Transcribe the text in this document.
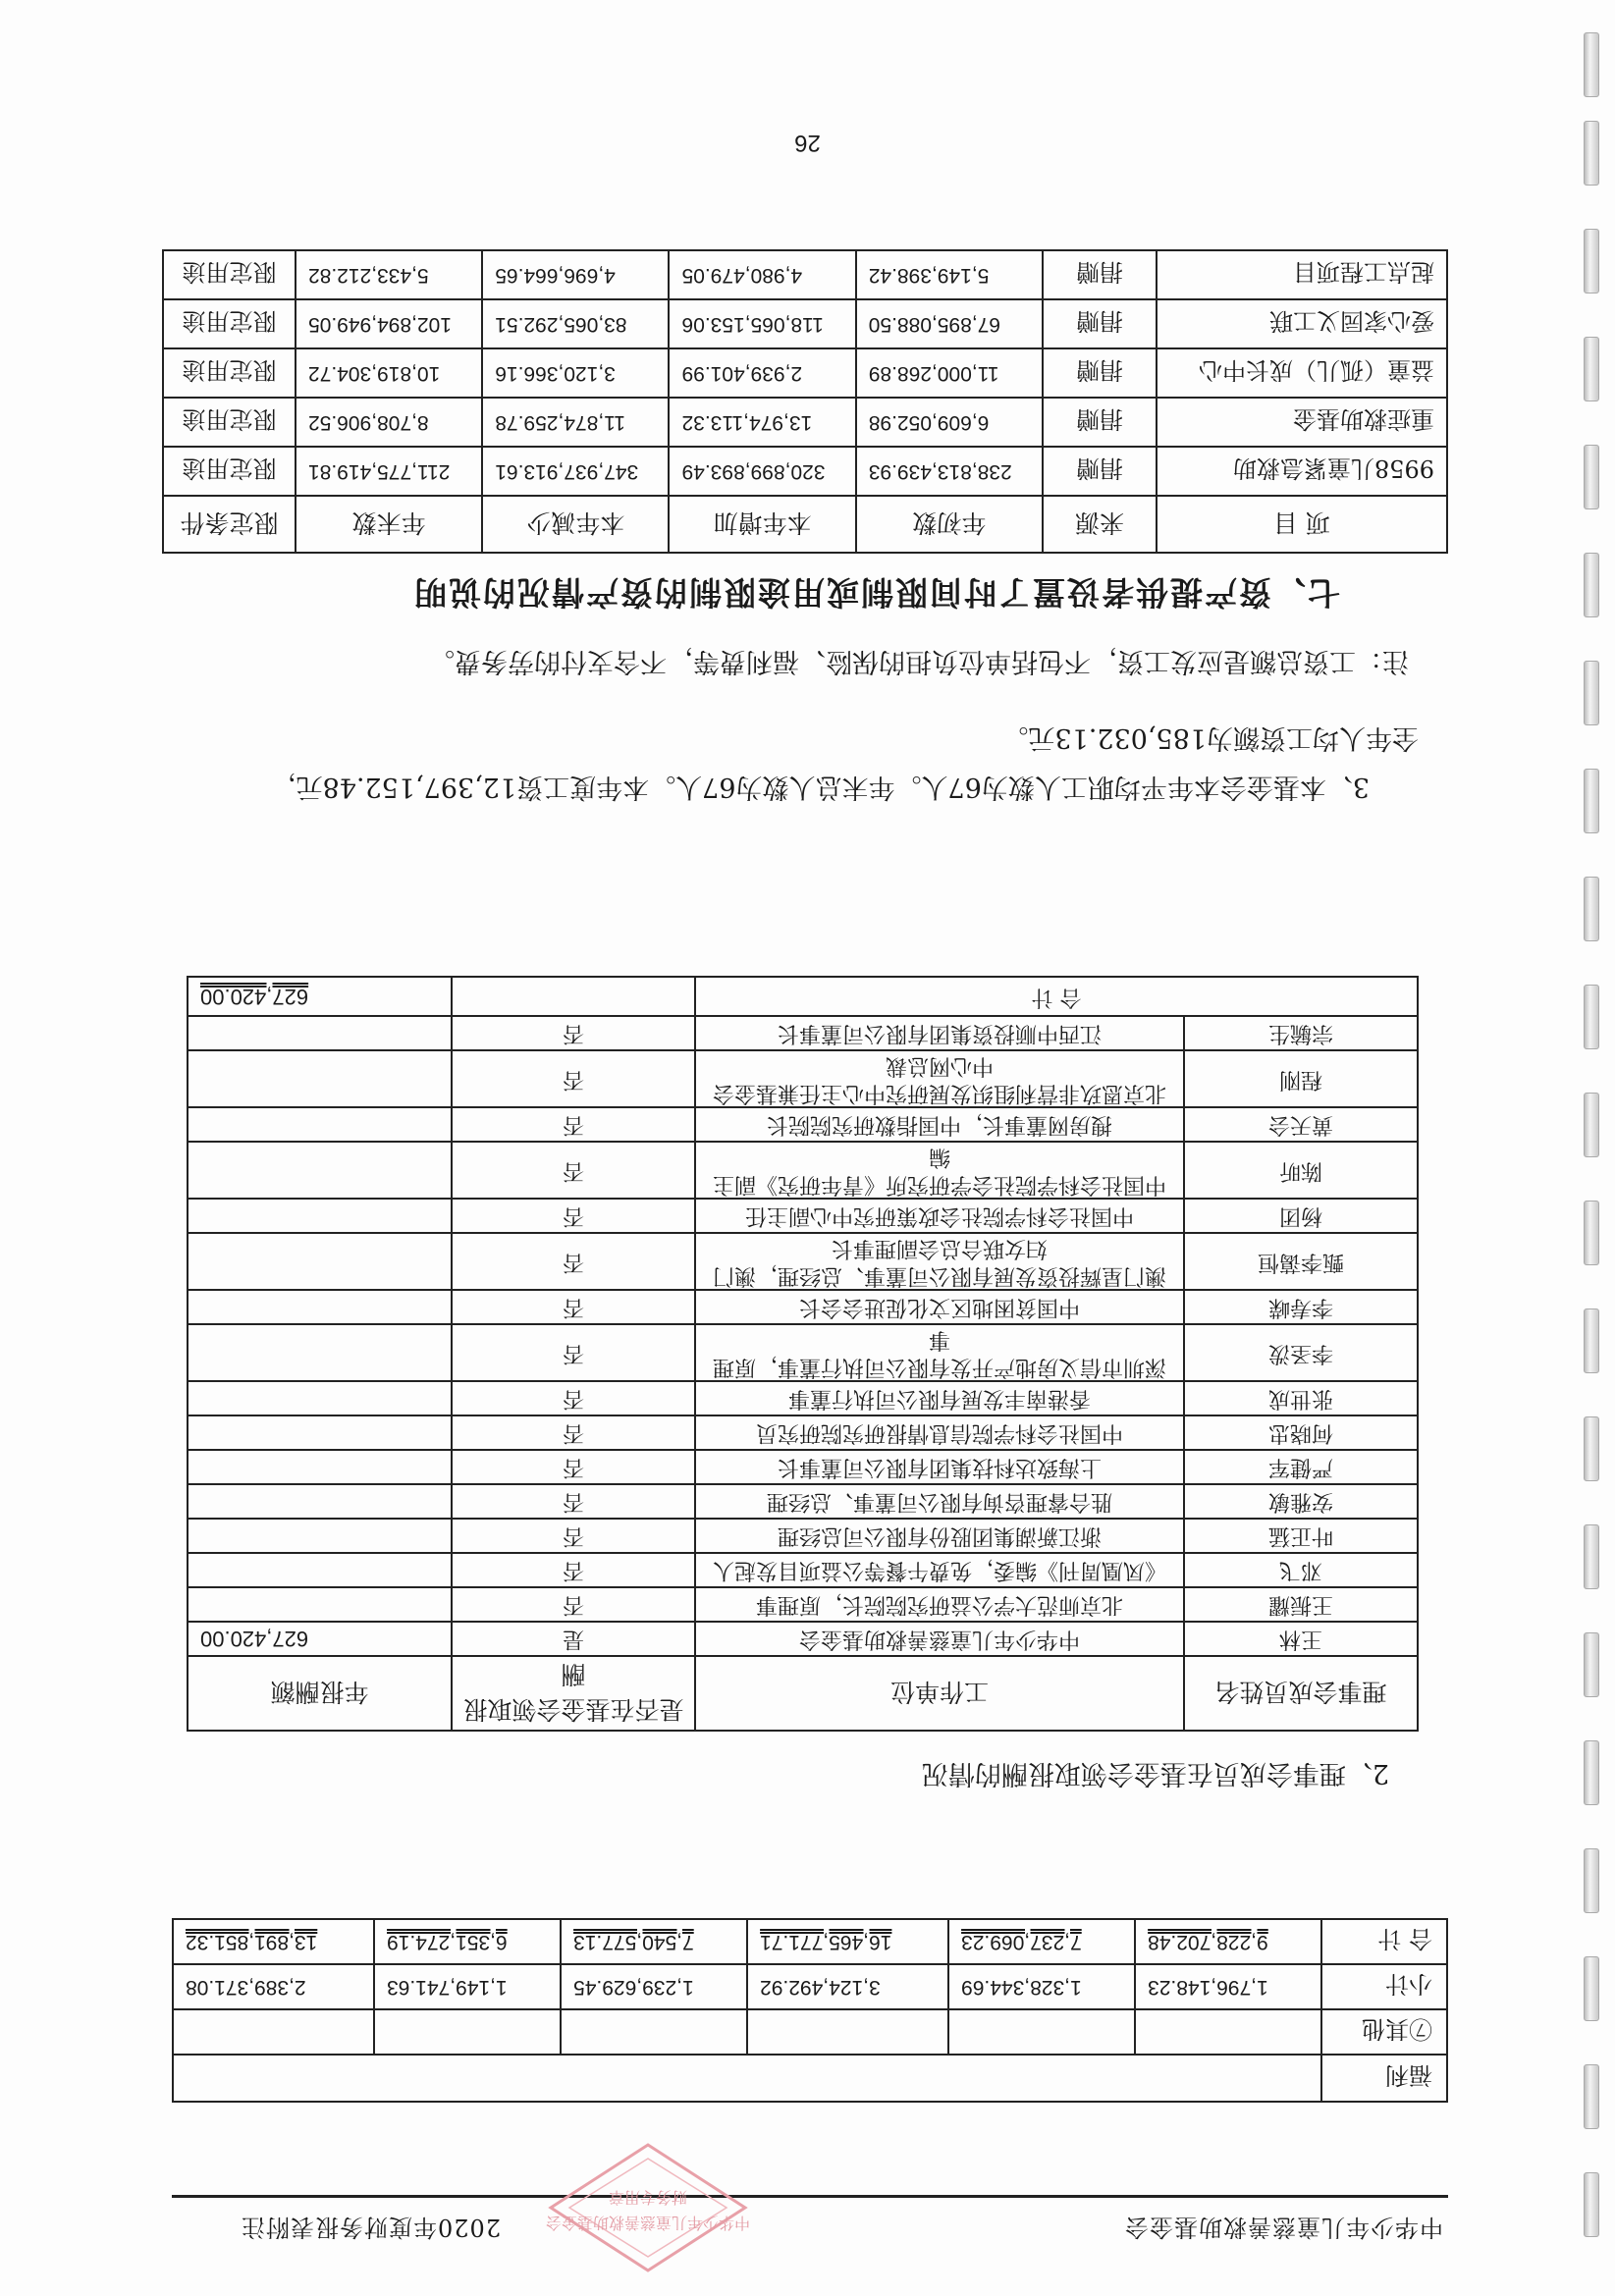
中华少年儿童慈善救助基金会
2020年度财务报表附注	中华少年儿童慈善救助基金会
财务专用章
福利						
⑦其他						
小计	1,796,148.23	1,328,344.69	3,124,492.92	1,239,629.45	1,149,741.63	2,389,371.08
合 计	9,228,702.48	7,237,069.23	16,465,771.71	7,540,577.13	6,351,274.19	13,891,851.32
2、理事会成员在基金会领取报酬的情况
理事会成员姓名	工作单位	是否在基金会领取报酬	年报酬额
王林	中华少年儿童慈善救助基金会	是	627,420.00
王振耀	北京师范大学公益研究院院长，原理事	否	
邓飞	《凤凰周刊》编委，免费午餐等公益项目发起人	否	
叶正猛	浙江新湖集团股份有限公司总经理	否	
安雅敏	胜合睿理咨询有限公司董事、总经理	否	
严健军	上海致达科技集团有限公司董事长	否	
何晓忠	中国社会科学院信息情报研究院研究员	否	
张世成	香港南丰发展有限公司执行董事	否	
李圣泼	深圳市信义房地产开发有限公司执行董事，原理事	否	
李寿嵘	中国贫困地区文化促进会会长	否	
甄李蔼恒	澳门星辉投资发展有限公司董事、总经理，澳门妇女联合总会副理事长	否	
杨团	中国社会科学院社会政策研究中心副主任	否	
陈昕	中国社会科学院社会学研究所《青年研究》副主编	否	
黄天会	搜房网董事长，中国指数研究院院长	否	
程刚	北京恩玖非营利组织发展研究中心主任兼基金会中心网总裁	否	
宗毓生	江西中顺投资集团有限公司董事长	否	
合 计			627,420.00
3、本基金会本年平均职工人数为67人。年末总人数为67人。本年度工资12,397,152.48元，
全年人均工资额为185,032.13元。
注：工资总额是应发工资，不包括单位负担的保险、福利费等，不含支付的劳务费。
七、资产提供者设置了时间限制或用途限制的资产情况的说明
项 目	来源	年初数	本年增加	本年减少	年末数	限定条件
9958儿童紧急救助	捐赠	238,813,439.93	320,899,893.49	347,937,913.61	211,775,419.81	限定用途
重症救助基金	捐赠	6,609,052.98	13,974,113.32	11,874,259.78	8,708,906.52	限定用途
益童（孤儿）成长中心	捐赠	11,000,268.89	2,939,401.99	3,120,366.16	10,819,304.72	限定用途
爱心家园义工联	捐赠	67,895,088.50	118,065,153.06	83,065,292.51	102,894,949.05	限定用途
起点工程项目	捐赠	5,149,398.42	4,980,479.05	4,696,664.65	5,433,212.82	限定用途
26
